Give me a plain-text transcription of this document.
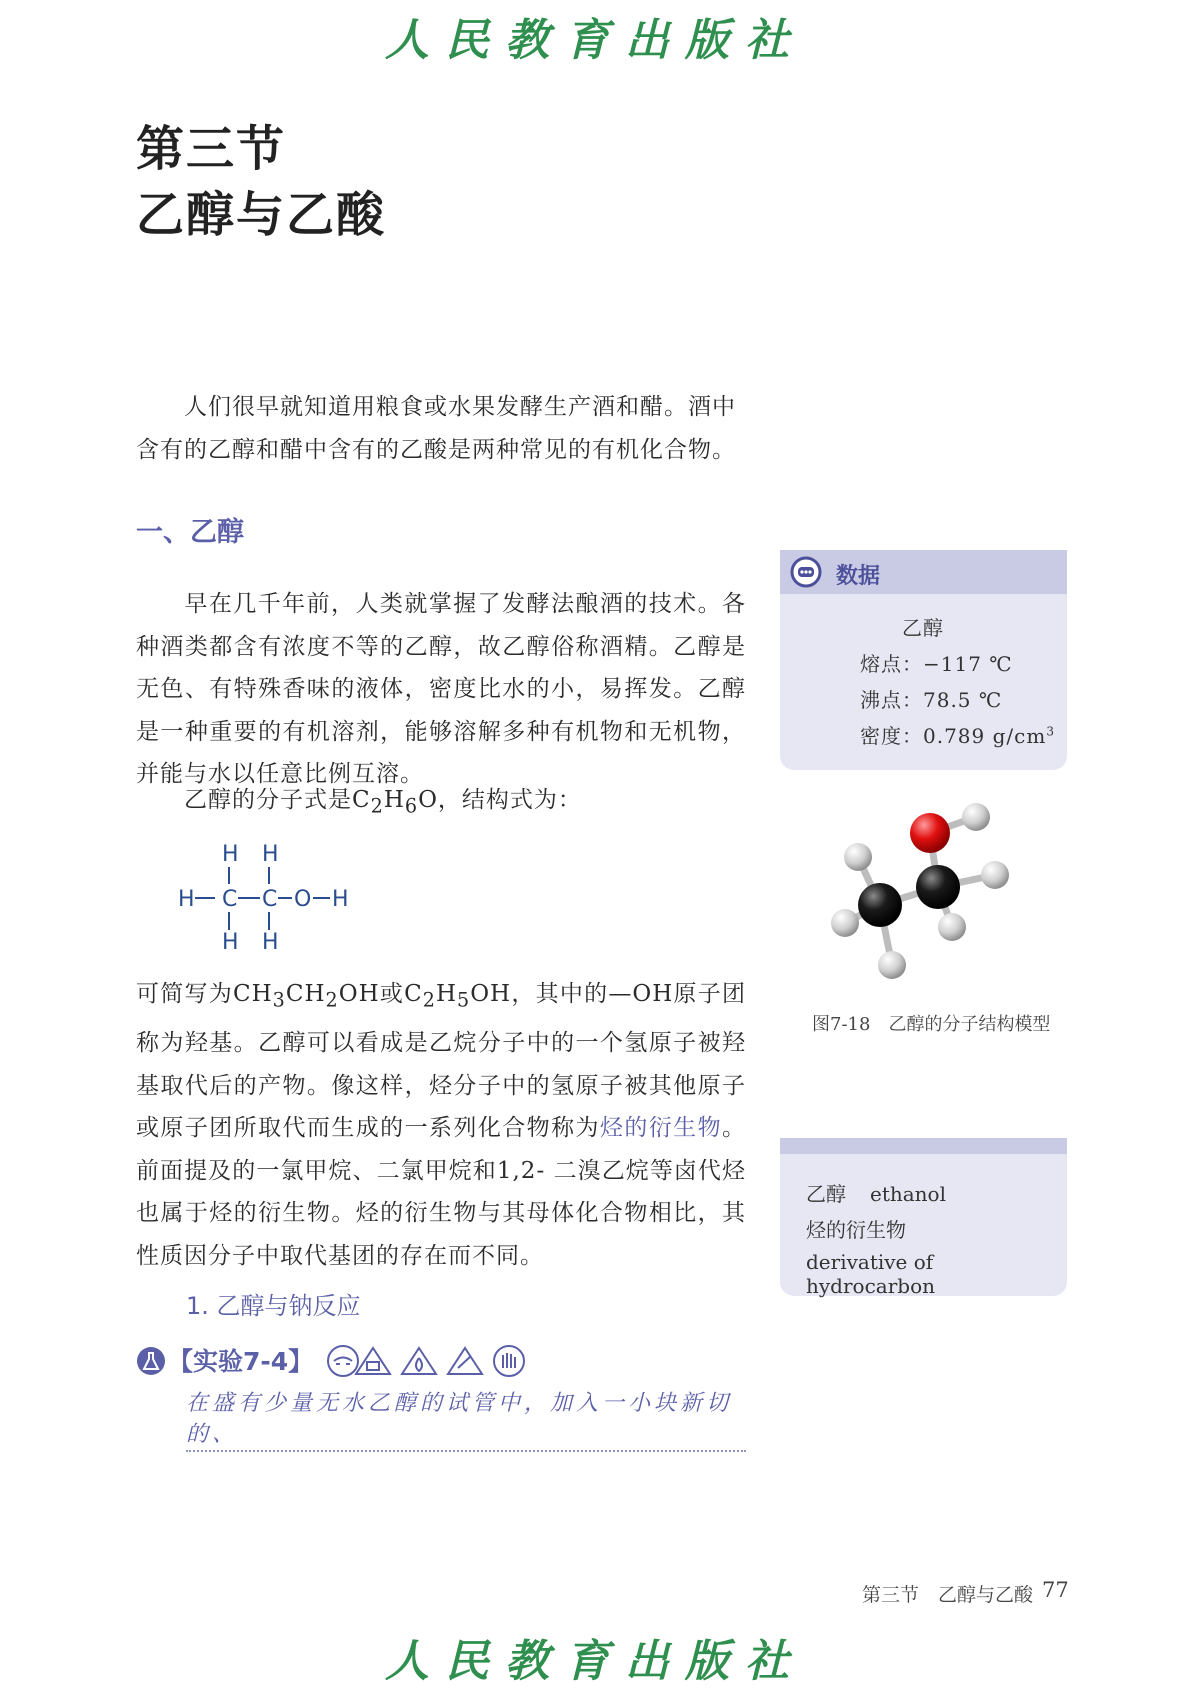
人民教育出版社
第三节
乙醇与乙酸
人们很早就知道用粮食或水果发酵生产酒和醋。酒中
含有的乙醇和醋中含有的乙酸是两种常见的有机化合物。
一、乙醇
早在几千年前，人类就掌握了发酵法酿酒的技术。各种酒类都含有浓度不等的乙醇，故乙醇俗称酒精。乙醇是无色、有特殊香味的液体，密度比水的小，易挥发。乙醇是一种重要的有机溶剂，能够溶解多种有机物和无机物，并能与水以任意比例互溶。
乙醇的分子式是$C_2H_6O$，结构式为：
H H
H C C O H
H H
可简写为$CH_3CH_2OH$或$C_2H_5OH$，其中的—OH原子团称为羟基。乙醇可以看成是乙烷分子中的一个氢原子被羟基取代后的产物。像这样，烃分子中的氢原子被其他原子或原子团所取代而生成的一系列化合物称为烃的衍生物。前面提及的一氯甲烷、二氯甲烷和1,2- 二溴乙烷等卤代烃也属于烃的衍生物。烃的衍生物与其母体化合物相比，其性质因分子中取代基团的存在而不同。
1. 乙醇与钠反应
【实验7-4】
在盛有少量无水乙醇的试管中，加入一小块新切的、
数据
乙醇
熔点：−117 ℃
沸点：78.5 ℃
密度：0.789 $g/cm^3$
图7-18　乙醇的分子结构模型
乙醇 ethanol
烃的衍生物
derivative of hydrocarbon
第三节　乙醇与乙酸 77
人民教育出版社
